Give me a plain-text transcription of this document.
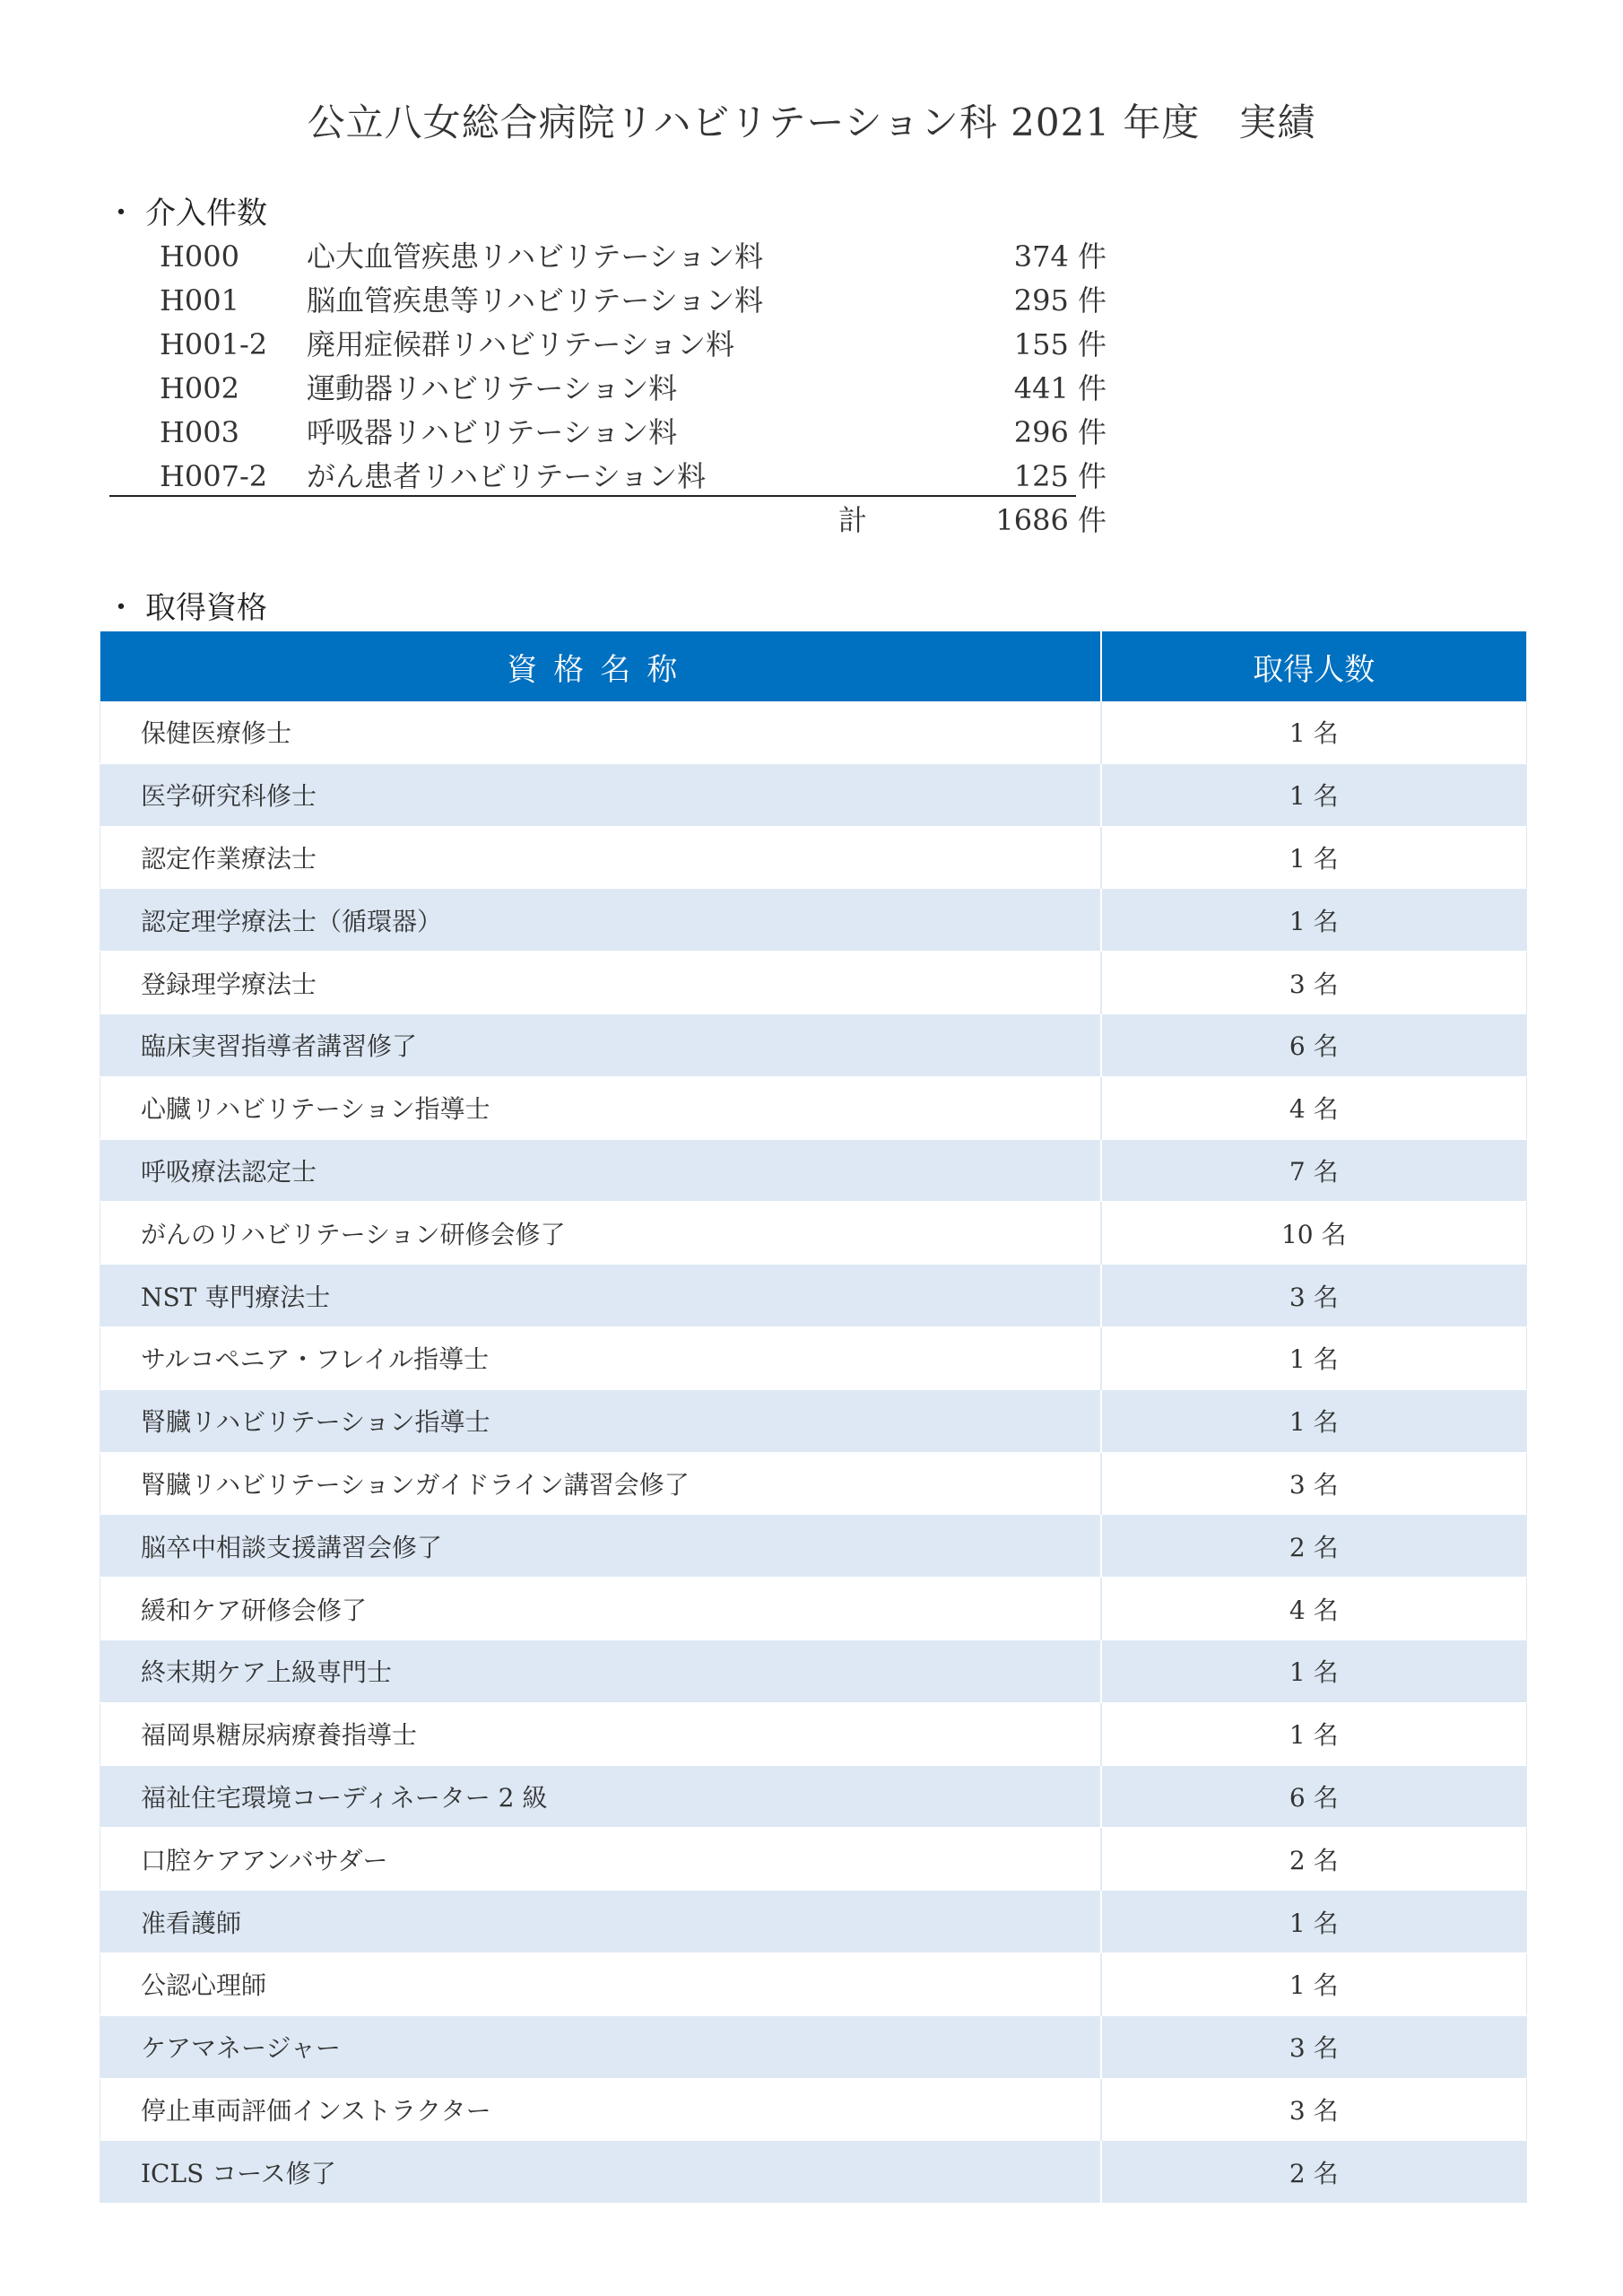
公立八女総合病院リハビリテーション科 2021 年度　実績
・ 介入件数
H000 心大血管疾患リハビリテーション料	374 件
H001 脳血管疾患等リハビリテーション料	295 件
H001-2 廃用症候群リハビリテーション料	155 件
H002 運動器リハビリテーション料	441 件
H003 呼吸器リハビリテーション料	296 件
H007-2 がん患者リハビリテーション料	125 件
計	1686 件
・ 取得資格
資格名称	取得人数
保健医療修士	1 名
医学研究科修士	1 名
認定作業療法士	1 名
認定理学療法士（循環器）	1 名
登録理学療法士	3 名
臨床実習指導者講習修了	6 名
心臓リハビリテーション指導士	4 名
呼吸療法認定士	7 名
がんのリハビリテーション研修会修了	10 名
NST 専門療法士	3 名
サルコペニア・フレイル指導士	1 名
腎臓リハビリテーション指導士	1 名
腎臓リハビリテーションガイドライン講習会修了	3 名
脳卒中相談支援講習会修了	2 名
緩和ケア研修会修了	4 名
終末期ケア上級専門士	1 名
福岡県糖尿病療養指導士	1 名
福祉住宅環境コーディネーター 2 級	6 名
口腔ケアアンバサダー	2 名
准看護師	1 名
公認心理師	1 名
ケアマネージャー	3 名
停止車両評価インストラクター	3 名
ICLS コース修了	2 名
